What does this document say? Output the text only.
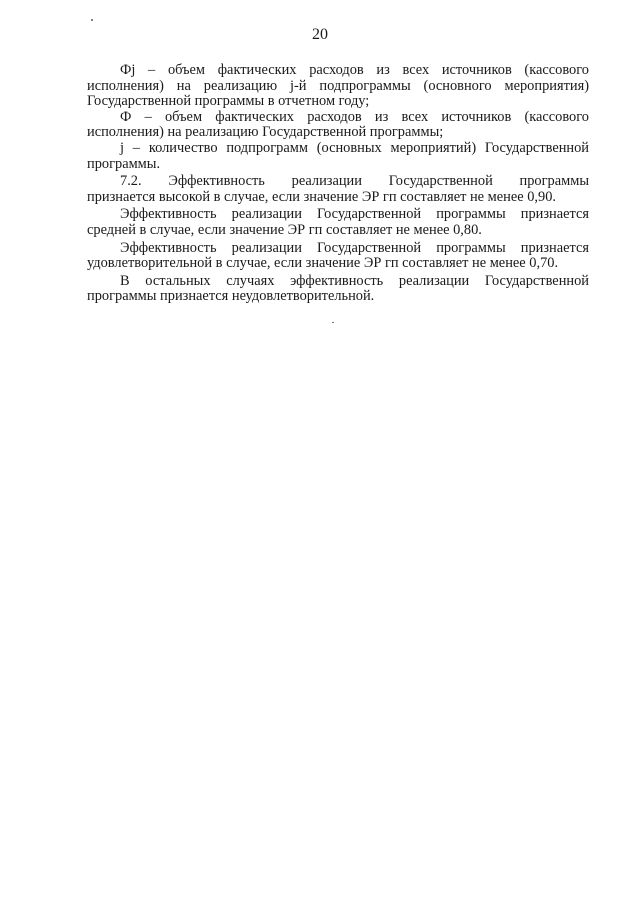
20

Фj – объем фактических расходов из всех источников (кассового
исполнения) на реализацию j-й подпрограммы (основного мероприятия) Государственной программы в отчетном году;

Ф – объем фактических расходов из всех источников (кассового
исполнения) на реализацию Государственной программы;

j – количество подпрограмм (основных мероприятий) Государственной
программы.

7.2. Эффективность реализации Государственной программы
признается высокой в случае, если значение ЭР гп составляет не менее 0,90.

Эффективность реализации Государственной программы признается
средней в случае, если значение ЭР гп составляет не менее 0,80.

Эффективность реализации Государственной программы признается
удовлетворительной в случае, если значение ЭР гп составляет не менее 0,70.

В остальных случаях эффективность реализации Государственной
программы признается неудовлетворительной.
